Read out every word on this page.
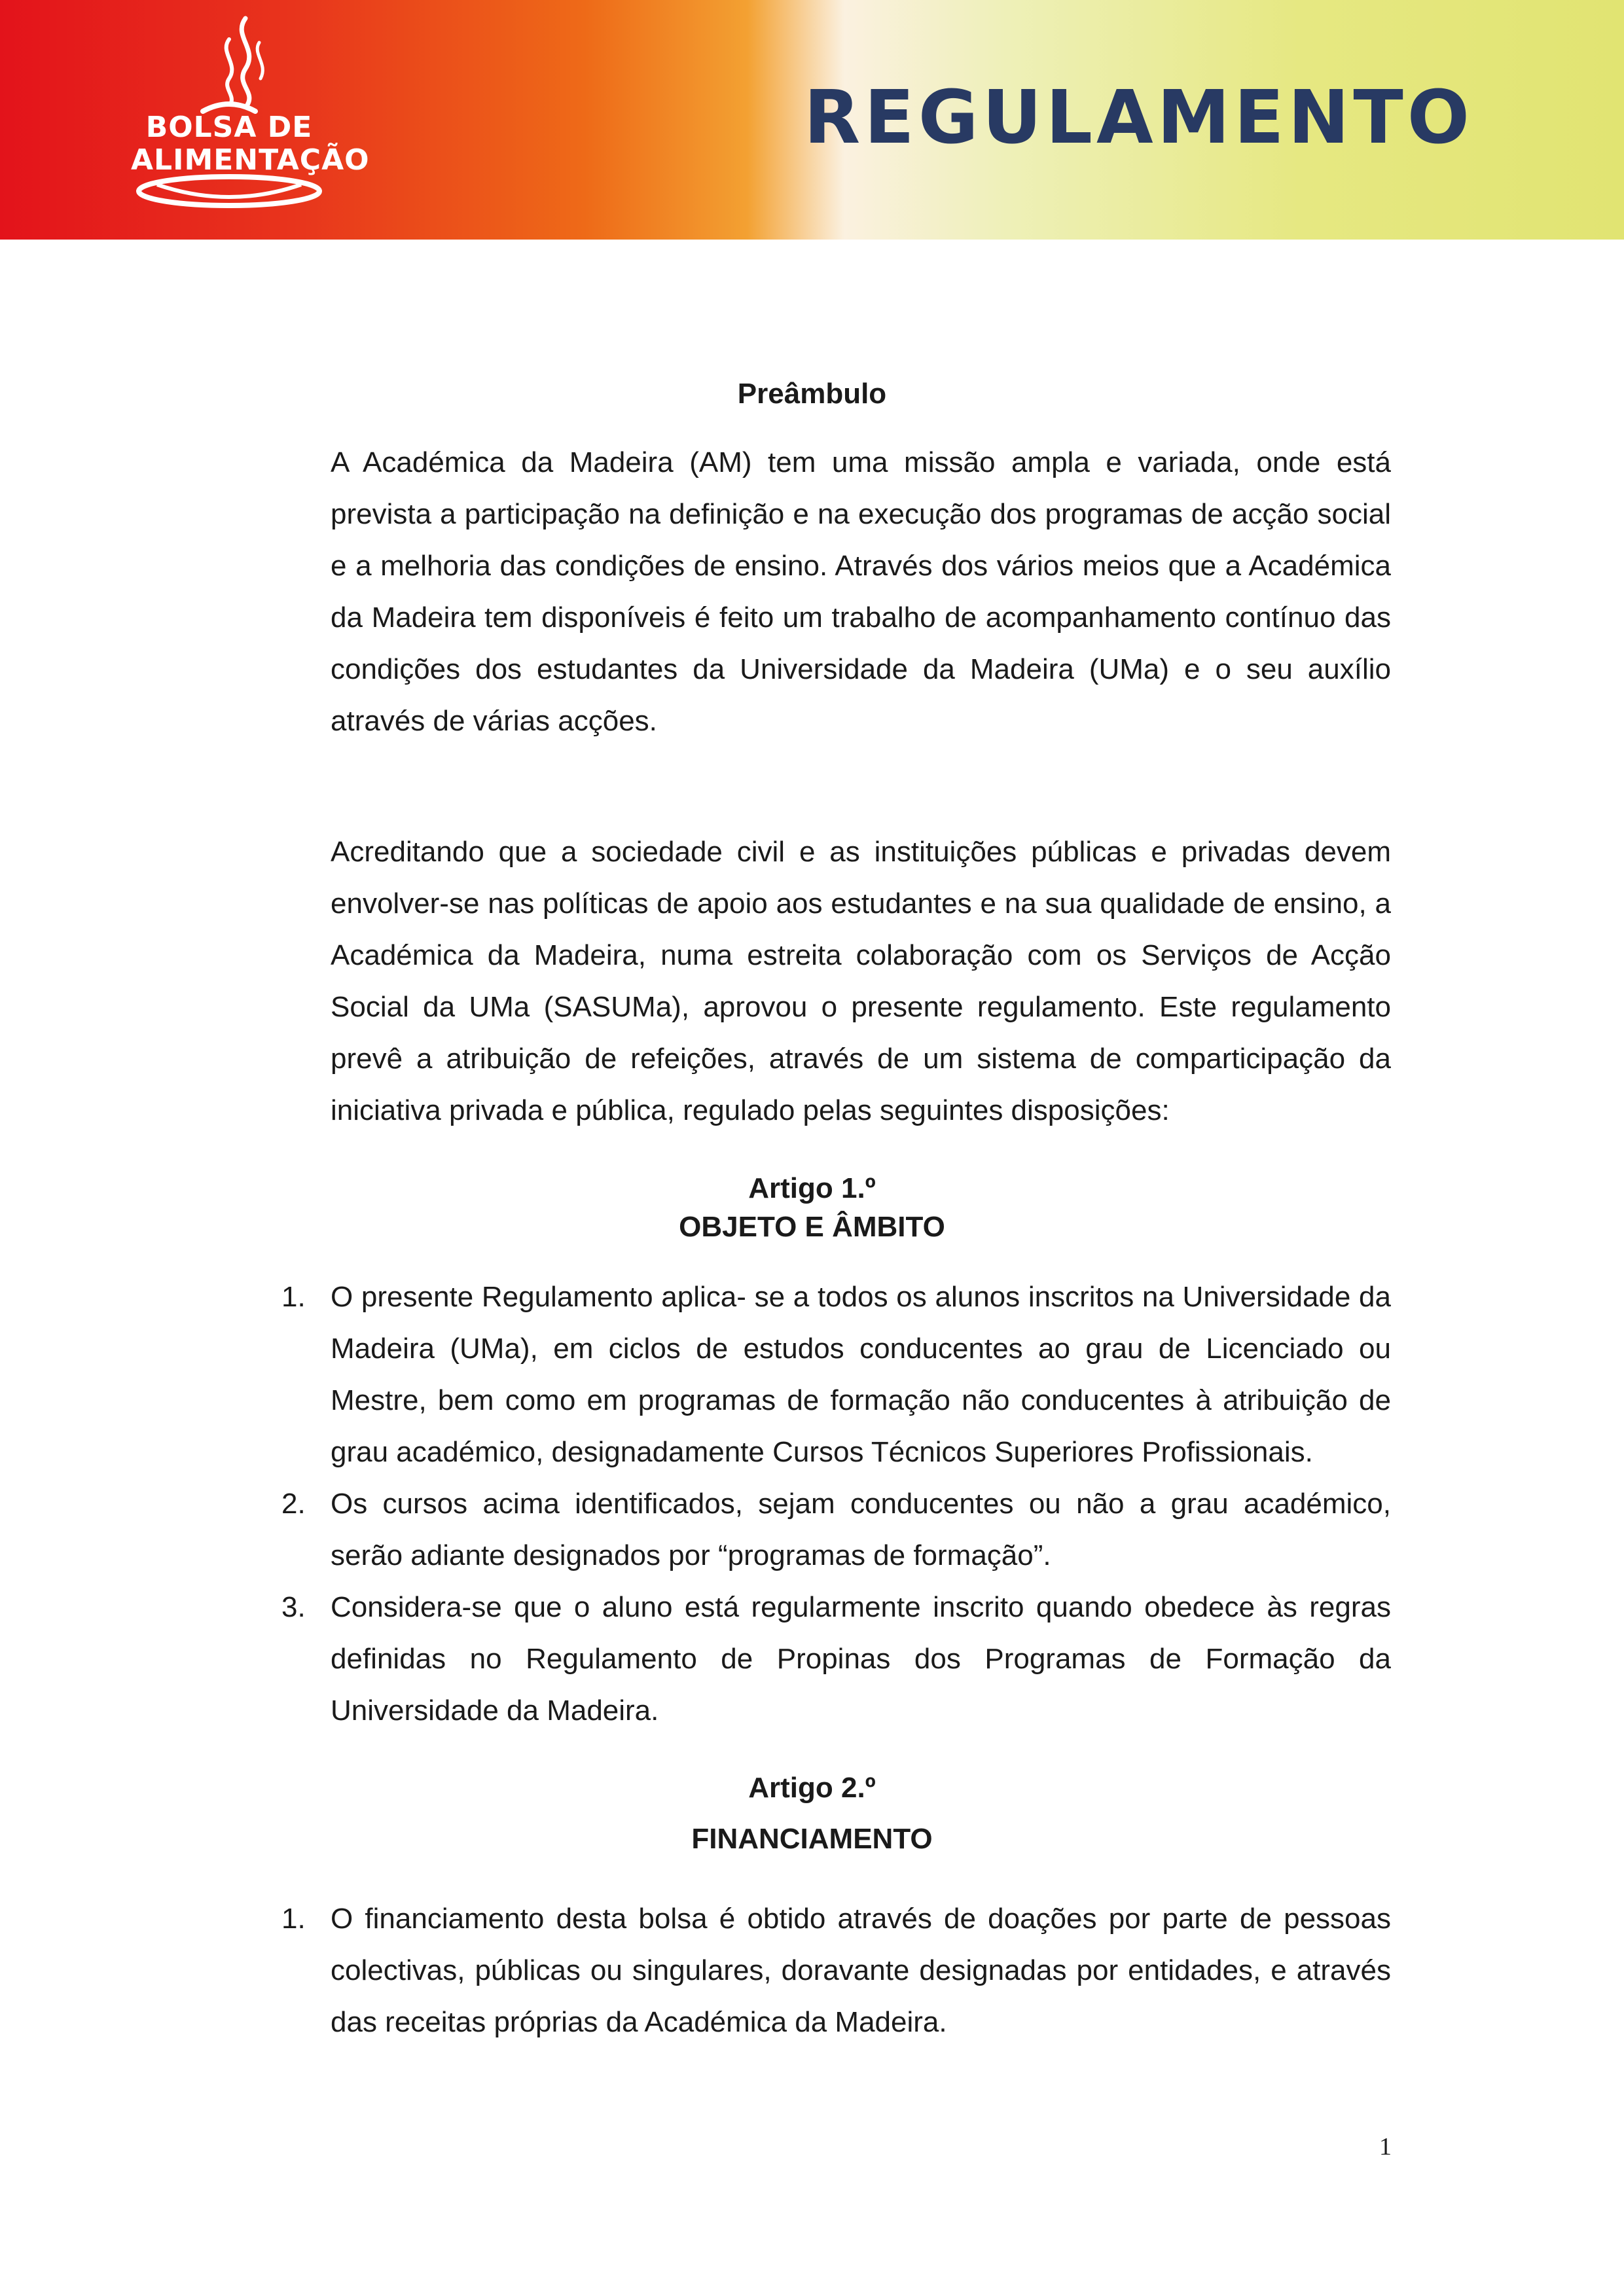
BOLSA DE
ALIMENTAÇÃO	REGULAMENTO
Preâmbulo

A Académica da Madeira (AM) tem uma missão ampla e variada, onde está prevista a participação na definição e na execução dos programas de acção social e a melhoria das condições de ensino. Através dos vários meios que a Académica da Madeira tem disponíveis é feito um trabalho de acompanhamento contínuo das condições dos estudantes da Universidade da Madeira (UMa) e o seu auxílio através de várias acções.

Acreditando que a sociedade civil e as instituições públicas e privadas devem envolver-se nas políticas de apoio aos estudantes e na sua qualidade de ensino, a Académica da Madeira, numa estreita colaboração com os Serviços de Acção Social da UMa (SASUMa), aprovou o presente regulamento. Este regulamento prevê a atribuição de refeições, através de um sistema de comparticipação da iniciativa privada e pública, regulado pelas seguintes disposições:

Artigo 1.º
OBJETO E ÂMBITO
1. O presente Regulamento aplica- se a todos os alunos inscritos na Universidade da Madeira (UMa), em ciclos de estudos conducentes ao grau de Licenciado ou Mestre, bem como em programas de formação não conducentes à atribuição de grau académico, designadamente Cursos Técnicos Superiores Profissionais.

2. Os cursos acima identificados, sejam conducentes ou não a grau académico, serão adiante designados por “programas de formação”.

3. Considera-se que o aluno está regularmente inscrito quando obedece às regras definidas no Regulamento de Propinas dos Programas de Formação da Universidade da Madeira.

Artigo 2.º
FINANCIAMENTO
1. O financiamento desta bolsa é obtido através de doações por parte de pessoas colectivas, públicas ou singulares, doravante designadas por entidades, e através das receitas próprias da Académica da Madeira.

1
